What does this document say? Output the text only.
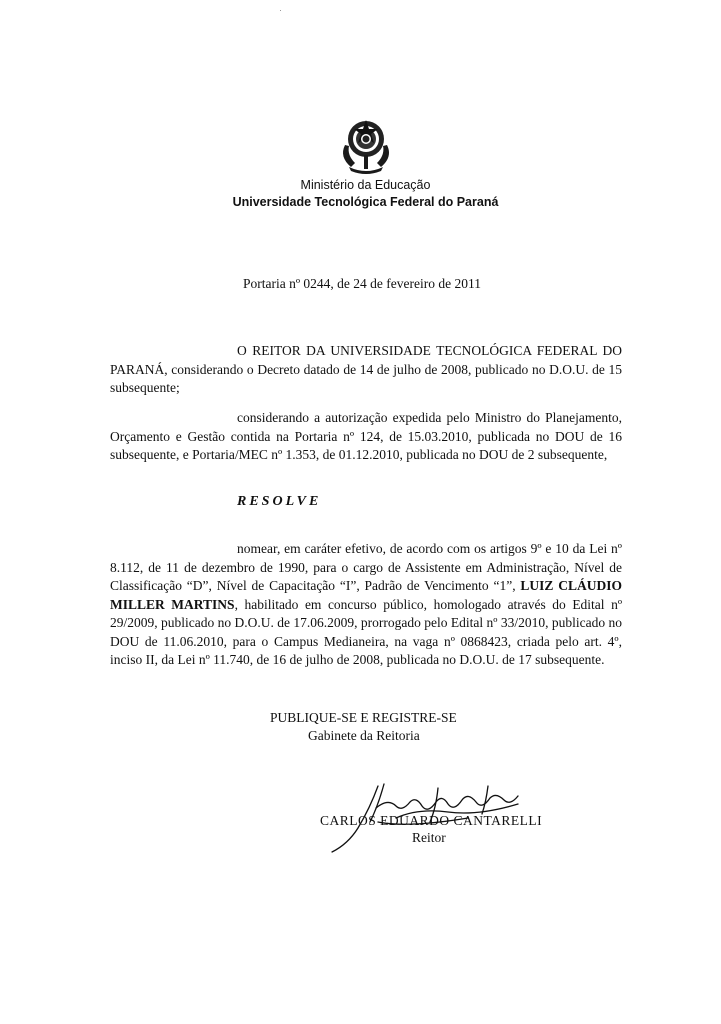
Ministério da Educação
Universidade Tecnológica Federal do Paraná
Portaria nº 0244, de 24 de fevereiro de 2011
O REITOR DA UNIVERSIDADE TECNOLÓGICA FEDERAL DO PARANÁ, considerando o Decreto datado de 14 de julho de 2008, publicado no D.O.U. de 15 subsequente;
considerando a autorização expedida pelo Ministro do Planejamento, Orçamento e Gestão contida na Portaria nº 124, de 15.03.2010, publicada no DOU de 16 subsequente, e Portaria/MEC nº 1.353, de 01.12.2010, publicada no DOU de 2 subsequente,
RESOLVE
nomear, em caráter efetivo, de acordo com os artigos 9º e 10 da Lei nº 8.112, de 11 de dezembro de 1990, para o cargo de Assistente em Administração, Nível de Classificação “D”, Nível de Capacitação “I”, Padrão de Vencimento “1”, LUIZ CLÁUDIO MILLER MARTINS, habilitado em concurso público, homologado através do Edital nº 29/2009, publicado no D.O.U. de 17.06.2009, prorrogado pelo Edital nº 33/2010, publicado no DOU de 11.06.2010, para o Campus Medianeira, na vaga nº 0868423, criada pelo art. 4º, inciso II, da Lei nº 11.740, de 16 de julho de 2008, publicada no D.O.U. de 17 subsequente.
PUBLIQUE-SE E REGISTRE-SE
Gabinete da Reitoria
CARLOS EDUARDO CANTARELLI
Reitor
